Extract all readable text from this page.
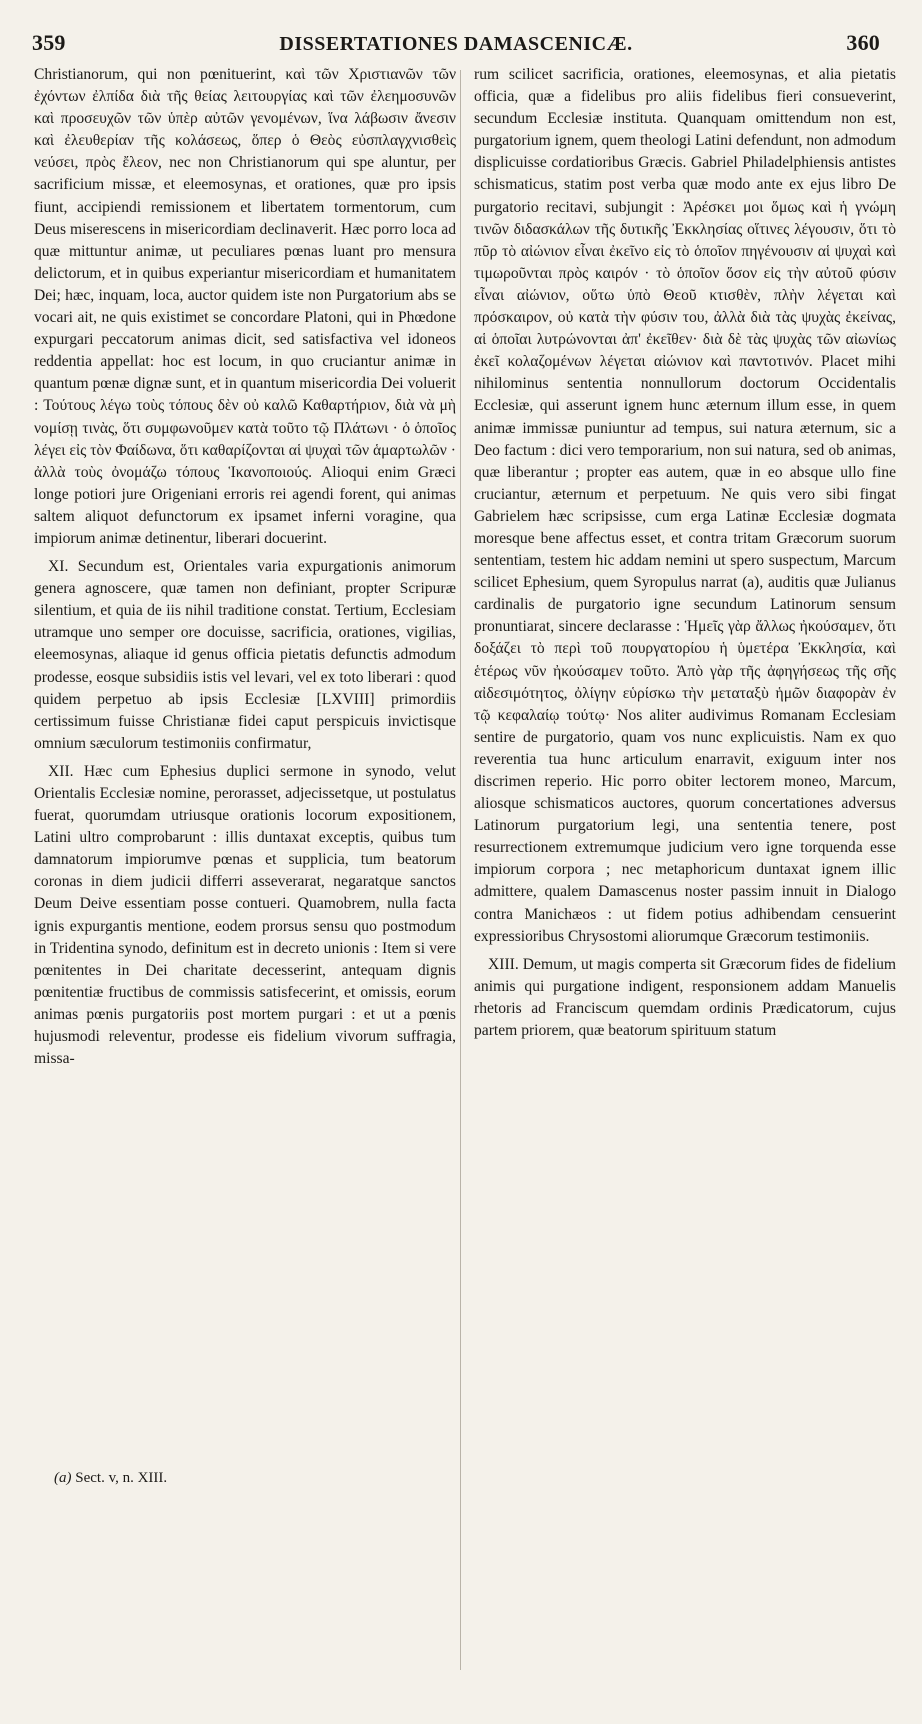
359	DISSERTATIONES DAMASCENICÆ.	360

Christianorum, qui non pœnituerint, καὶ τῶν Χριστιανῶν τῶν ἐχόντων ἐλπίδα διὰ τῆς θείας λειτουργίας καὶ τῶν ἐλεημοσυνῶν καὶ προσευχῶν τῶν ὑπὲρ αὐτῶν γενομένων, ἵνα λάβωσιν ἄνεσιν καὶ ἐλευθερίαν τῆς κολάσεως, ὅπερ ὁ Θεὸς εὐσπλαγχνισθεὶς νεύσει, πρὸς ἔλεον, nec non Christianorum qui spe aluntur, per sacrificium missæ, et eleemosynas, et orationes, quæ pro ipsis fiunt, accipiendi remissionem et libertatem tormentorum, cum Deus miserescens in misericordiam declinaverit. Hæc porro loca ad quæ mittuntur animæ, ut peculiares pœnas luant pro mensura delictorum, et in quibus experiantur misericordiam et humanitatem Dei; hæc, inquam, loca, auctor quidem iste non Purgatorium abs se vocari ait, ne quis existimet se concordare Platoni, qui in Phœdone expurgari peccatorum animas dicit, sed satisfactiva vel idoneos reddentia appellat: hoc est locum, in quo cruciantur animæ in quantum pœnæ dignæ sunt, et in quantum misericordia Dei voluerit : Τούτους λέγω τοὺς τόπους δὲν οὐ καλῶ Καθαρτήριον, διὰ νὰ μὴ νομίσῃ τινὰς, ὅτι συμφωνοῦμεν κατὰ τοῦτο τῷ Πλάτωνι · ὁ ὁποῖος λέγει εἰς τὸν Φαίδωνα, ὅτι καθαρίζονται αἱ ψυχαὶ τῶν ἁμαρτωλῶν · ἀλλὰ τοὺς ὀνομάζω τόπους Ἱκανοποιούς. Alioqui enim Græci longe potiori jure Origeniani erroris rei agendi forent, qui animas saltem aliquot defunctorum ex ipsamet inferni voragine, qua impiorum animæ detinentur, liberari docuerint.

XI. Secundum est, Orientales varia expurgationis animorum genera agnoscere, quæ tamen non definiant, propter Scripuræ silentium, et quia de iis nihil traditione constat. Tertium, Ecclesiam utramque uno semper ore docuisse, sacrificia, orationes, vigilias, eleemosynas, aliaque id genus officia pietatis defunctis admodum prodesse, eosque subsidiis istis vel levari, vel ex toto liberari : quod quidem perpetuo ab ipsis Ecclesiæ [LXVIII] primordiis certissimum fuisse Christianæ fidei caput perspicuis invictisque omnium sæculorum testimoniis confirmatur,

XII. Hæc cum Ephesius duplici sermone in synodo, velut Orientalis Ecclesiæ nomine, perorasset, adjecissetque, ut postulatus fuerat, quorumdam utriusque orationis locorum expositionem, Latini ultro comprobarunt : illis duntaxat exceptis, quibus tum damnatorum impiorumve pœnas et supplicia, tum beatorum coronas in diem judicii differri asseverarat, negaratque sanctos Deum Deive essentiam posse contueri. Quamobrem, nulla facta ignis expurgantis mentione, eodem prorsus sensu quo postmodum in Tridentina synodo, definitum est in decreto unionis : Item si vere pœnitentes in Dei charitate decesserint, antequam dignis pœnitentiæ fructibus de commissis satisfecerint, et omissis, eorum animas pœnis purgatoriis post mortem purgari : et ut a pœnis hujusmodi releventur, prodesse eis fidelium vivorum suffragia, missa-

rum scilicet sacrificia, orationes, eleemosynas, et alia pietatis officia, quæ a fidelibus pro aliis fidelibus fieri consueverint, secundum Ecclesiæ instituta. Quanquam omittendum non est, purgatorium ignem, quem theologi Latini defendunt, non admodum displicuisse cordatioribus Græcis. Gabriel Philadelphiensis antistes schismaticus, statim post verba quæ modo ante ex ejus libro De purgatorio recitavi, subjungit : Ἀρέσκει μοι ὅμως καὶ ἡ γνώμη τινῶν διδασκάλων τῆς δυτικῆς Ἐκκλησίας οἵτινες λέγουσιν, ὅτι τὸ πῦρ τὸ αἰώνιον εἶναι ἐκεῖνο εἰς τὸ ὁποῖον πηγένουσιν αἱ ψυχαὶ καὶ τιμωροῦνται πρὸς καιρόν · τὸ ὁποῖον ὅσον εἰς τὴν αὐτοῦ φύσιν εἶναι αἰώνιον, οὕτω ὑπὸ Θεοῦ κτισθὲν, πλὴν λέγεται καὶ πρόσκαιρον, οὐ κατὰ τὴν φύσιν του, ἀλλὰ διὰ τὰς ψυχὰς ἐκείνας, αἱ ὁποῖαι λυτρώνονται ἀπ' ἐκεῖθεν· διὰ δὲ τὰς ψυχὰς τῶν αἰωνίως ἐκεῖ κολαζομένων λέγεται αἰώνιον καὶ παντοτινόν. Placet mihi nihilominus sententia nonnullorum doctorum Occidentalis Ecclesiæ, qui asserunt ignem hunc æternum illum esse, in quem animæ immissæ puniuntur ad tempus, sui natura æternum, sic a Deo factum : dici vero temporarium, non sui natura, sed ob animas, quæ liberantur ; propter eas autem, quæ in eo absque ullo fine cruciantur, æternum et perpetuum. Ne quis vero sibi fingat Gabrielem hæc scripsisse, cum erga Latinæ Ecclesiæ dogmata moresque bene affectus esset, et contra tritam Græcorum suorum sententiam, testem hic addam nemini ut spero suspectum, Marcum scilicet Ephesium, quem Syropulus narrat (a), auditis quæ Julianus cardinalis de purgatorio igne secundum Latinorum sensum pronuntiarat, sincere declarasse : Ἡμεῖς γὰρ ἄλλως ἠκούσαμεν, ὅτι δοξάζει τὸ περὶ τοῦ πουργατορίου ἡ ὑμετέρα Ἐκκλησία, καὶ ἑτέρως νῦν ἠκούσαμεν τοῦτο. Ἀπὸ γὰρ τῆς ἀφηγήσεως τῆς σῆς αἰδεσιμότητος, ὀλίγην εὑρίσκω τὴν μεταταξὺ ἡμῶν διαφορὰν ἐν τῷ κεφαλαίῳ τούτῳ· Nos aliter audivimus Romanam Ecclesiam sentire de purgatorio, quam vos nunc explicuistis. Nam ex quo reverentia tua hunc articulum enarravit, exiguum inter nos discrimen reperio. Hic porro obiter lectorem moneo, Marcum, aliosque schismaticos auctores, quorum concertationes adversus Latinorum purgatorium legi, una sententia tenere, post resurrectionem extremumque judicium vero igne torquenda esse impiorum corpora ; nec metaphoricum duntaxat ignem illic admittere, qualem Damascenus noster passim innuit in Dialogo contra Manichæos : ut fidem potius adhibendam censuerint expressioribus Chrysostomi aliorumque Græcorum testimoniis.

XIII. Demum, ut magis comperta sit Græcorum fides de fidelium animis qui purgatione indigent, responsionem addam Manuelis rhetoris ad Franciscum quemdam ordinis Prædicatorum, cujus partem priorem, quæ beatorum spirituum statum

(a) Sect. v, n. XIII.
